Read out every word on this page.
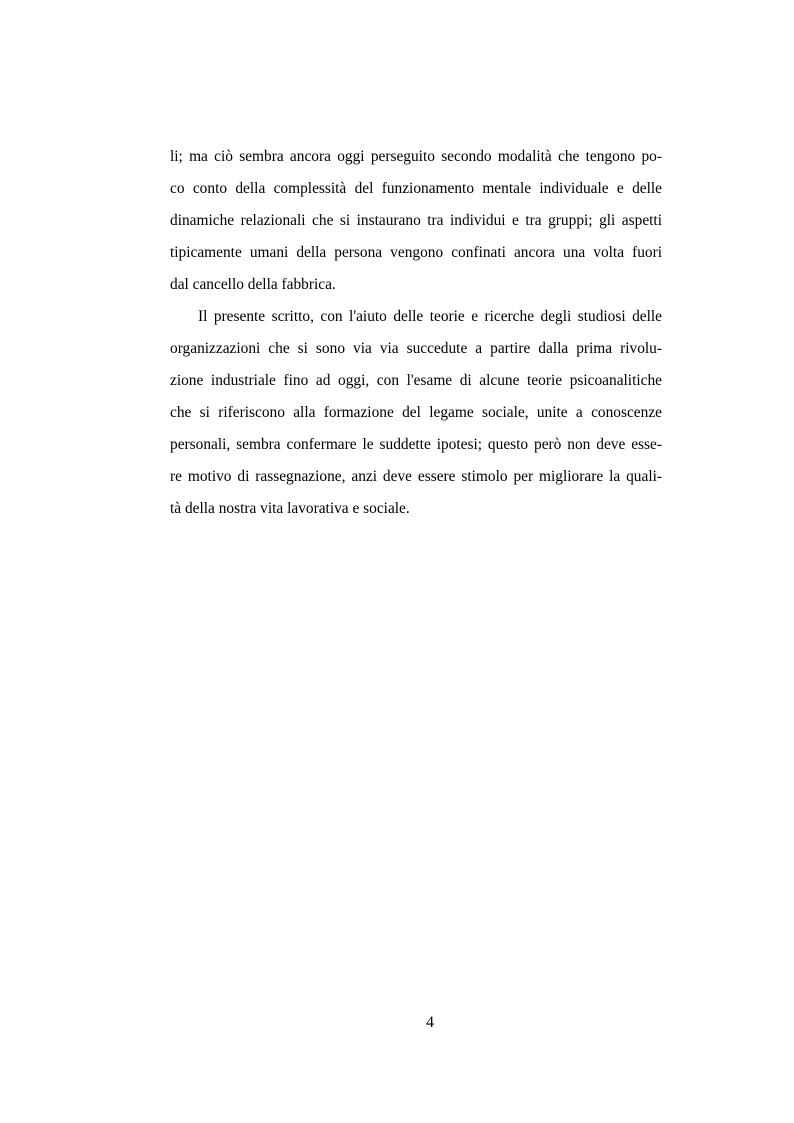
li; ma ciò sembra ancora oggi perseguito secondo modalità che tengono po-
co conto della complessità del funzionamento mentale individuale e delle
dinamiche relazionali che si instaurano tra individui e tra gruppi; gli aspetti
tipicamente umani della persona vengono confinati ancora una volta fuori
dal cancello della fabbrica.
Il presente scritto, con l'aiuto delle teorie e ricerche degli studiosi delle
organizzazioni che si sono via via succedute a partire dalla prima rivolu-
zione industriale fino ad oggi, con l'esame di alcune teorie psicoanalitiche
che si riferiscono alla formazione del legame sociale, unite a conoscenze
personali, sembra confermare le suddette ipotesi; questo però non deve esse-
re motivo di rassegnazione, anzi deve essere stimolo per migliorare la quali-
tà della nostra vita lavorativa e sociale.
4
